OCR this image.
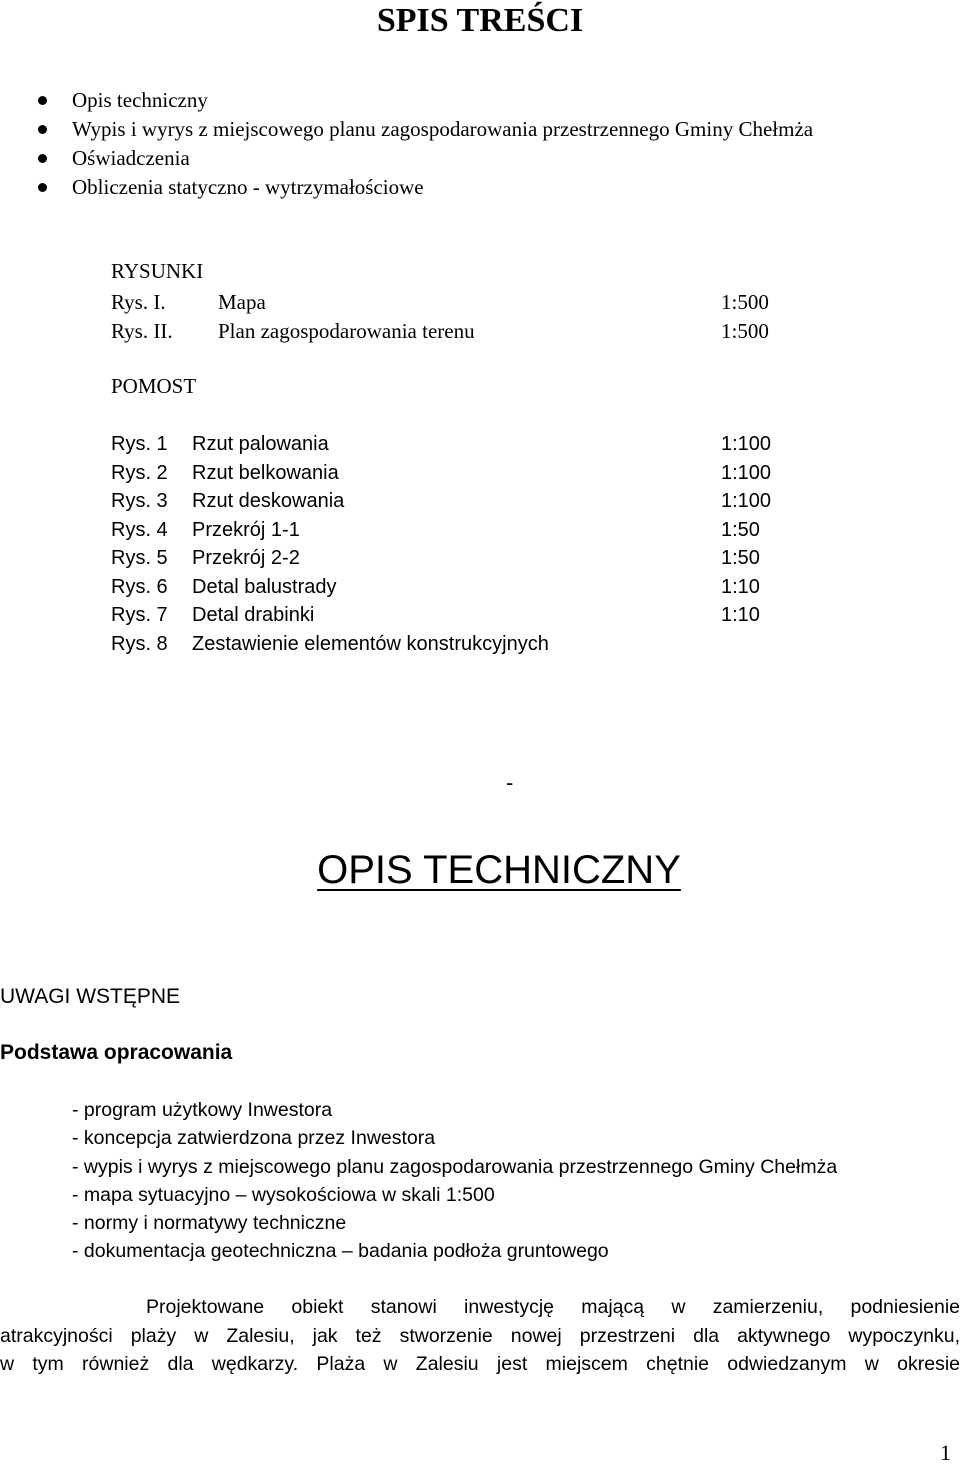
SPIS TREŚCI
Opis techniczny
Wypis i wyrys z miejscowego planu zagospodarowania przestrzennego Gminy Chełmża
Oświadczenia
Obliczenia statyczno - wytrzymałościowe
RYSUNKI
Rys. I. Mapa	1:500
Rys. II. Plan zagospodarowania terenu	1:500
POMOST
Rys. 1 Rzut palowania	1:100
Rys. 2 Rzut belkowania	1:100
Rys. 3 Rzut deskowania	1:100
Rys. 4 Przekrój 1-1	1:50
Rys. 5 Przekrój 2-2	1:50
Rys. 6 Detal balustrady	1:10
Rys. 7 Detal drabinki	1:10
Rys. 8 Zestawienie elementów konstrukcyjnych
-
OPIS TECHNICZNY
UWAGI WSTĘPNE
Podstawa opracowania
- program użytkowy Inwestora
- koncepcja zatwierdzona przez Inwestora
- wypis i wyrys z miejscowego planu zagospodarowania przestrzennego Gminy Chełmża
- mapa sytuacyjno – wysokościowa w skali 1:500
- normy i normatywy techniczne
- dokumentacja geotechniczna – badania podłoża gruntowego
Projektowane obiekt stanowi inwestycję mającą w zamierzeniu, podniesienie
atrakcyjności plaży w Zalesiu, jak też stworzenie nowej przestrzeni dla aktywnego wypoczynku,
w tym również dla wędkarzy. Plaża w Zalesiu jest miejscem chętnie odwiedzanym w okresie
1
